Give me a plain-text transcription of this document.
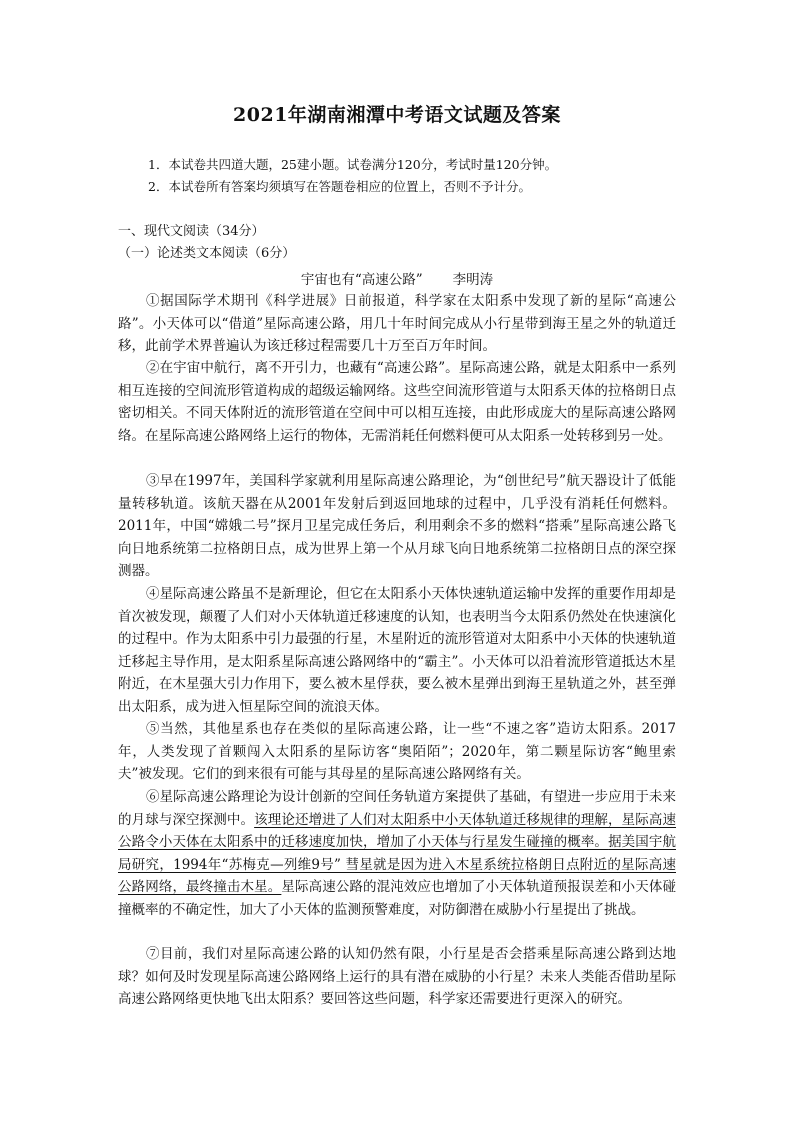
2021年湖南湘潭中考语文试题及答案
1．本试卷共四道大题，25建小题。试卷满分120分，考试时量120分钟。
2．本试卷所有答案均须填写在答题卷相应的位置上，否则不予计分。
一、现代文阅读（34分）
（一）论述类文本阅读（6分）
宇宙也有“高速公路” 李明涛

①据国际学术期刊《科学进展》日前报道，科学家在太阳系中发现了新的星际“高速公路”。小天体可以“借道”星际高速公路，用几十年时间完成从小行星带到海王星之外的轨道迁移，此前学术界普遍认为该迁移过程需要几十万至百万年时间。

②在宇宙中航行，离不开引力，也藏有“高速公路”。星际高速公路，就是太阳系中一系列相互连接的空间流形管道构成的超级运输网络。这些空间流形管道与太阳系天体的拉格朗日点密切相关。不同天体附近的流形管道在空间中可以相互连接，由此形成庞大的星际高速公路网络。在星际高速公路网络上运行的物体，无需消耗任何燃料便可从太阳系一处转移到另一处。

③早在1997年，美国科学家就利用星际高速公路理论，为“创世纪号”航天器设计了低能量转移轨道。该航天器在从2001年发射后到返回地球的过程中，几乎没有消耗任何燃料。2011年，中国“嫦娥二号”探月卫星完成任务后，利用剩余不多的燃料“搭乘”星际高速公路飞向日地系统第二拉格朗日点，成为世界上第一个从月球飞向日地系统第二拉格朗日点的深空探测器。

④星际高速公路虽不是新理论，但它在太阳系小天体快速轨道运输中发挥的重要作用却是首次被发现，颠覆了人们对小天体轨道迁移速度的认知，也表明当今太阳系仍然处在快速演化的过程中。作为太阳系中引力最强的行星，木星附近的流形管道对太阳系中小天体的快速轨道迁移起主导作用，是太阳系星际高速公路网络中的“霸主”。小天体可以沿着流形管道抵达木星附近，在木星强大引力作用下，要么被木星俘获，要么被木星弹出到海王星轨道之外，甚至弹出太阳系，成为进入恒星际空间的流浪天体。

⑤当然，其他星系也存在类似的星际高速公路，让一些“不速之客”造访太阳系。2017年，人类发现了首颗闯入太阳系的星际访客“奥陌陌”；2020年，第二颗星际访客“鲍里索夫”被发现。它们的到来很有可能与其母星的星际高速公路网络有关。

⑥星际高速公路理论为设计创新的空间任务轨道方案提供了基础，有望进一步应用于未来的月球与深空探测中。该理论还增进了人们对太阳系中小天体轨道迁移规律的理解，星际高速公路令小天体在太阳系中的迁移速度加快，增加了小天体与行星发生碰撞的概率。据美国宇航局研究，1994年“苏梅克—列维9号” 彗星就是因为进入木星系统拉格朗日点附近的星际高速公路网络，最终撞击木星。星际高速公路的混沌效应也增加了小天体轨道预报误差和小天体碰撞概率的不确定性，加大了小天体的监测预警难度，对防御潜在威胁小行星提出了挑战。

⑦目前，我们对星际高速公路的认知仍然有限，小行星是否会搭乘星际高速公路到达地球？如何及时发现星际高速公路网络上运行的具有潜在威胁的小行星？未来人类能否借助星际高速公路网络更快地飞出太阳系？要回答这些问题，科学家还需要进行更深入的研究。
